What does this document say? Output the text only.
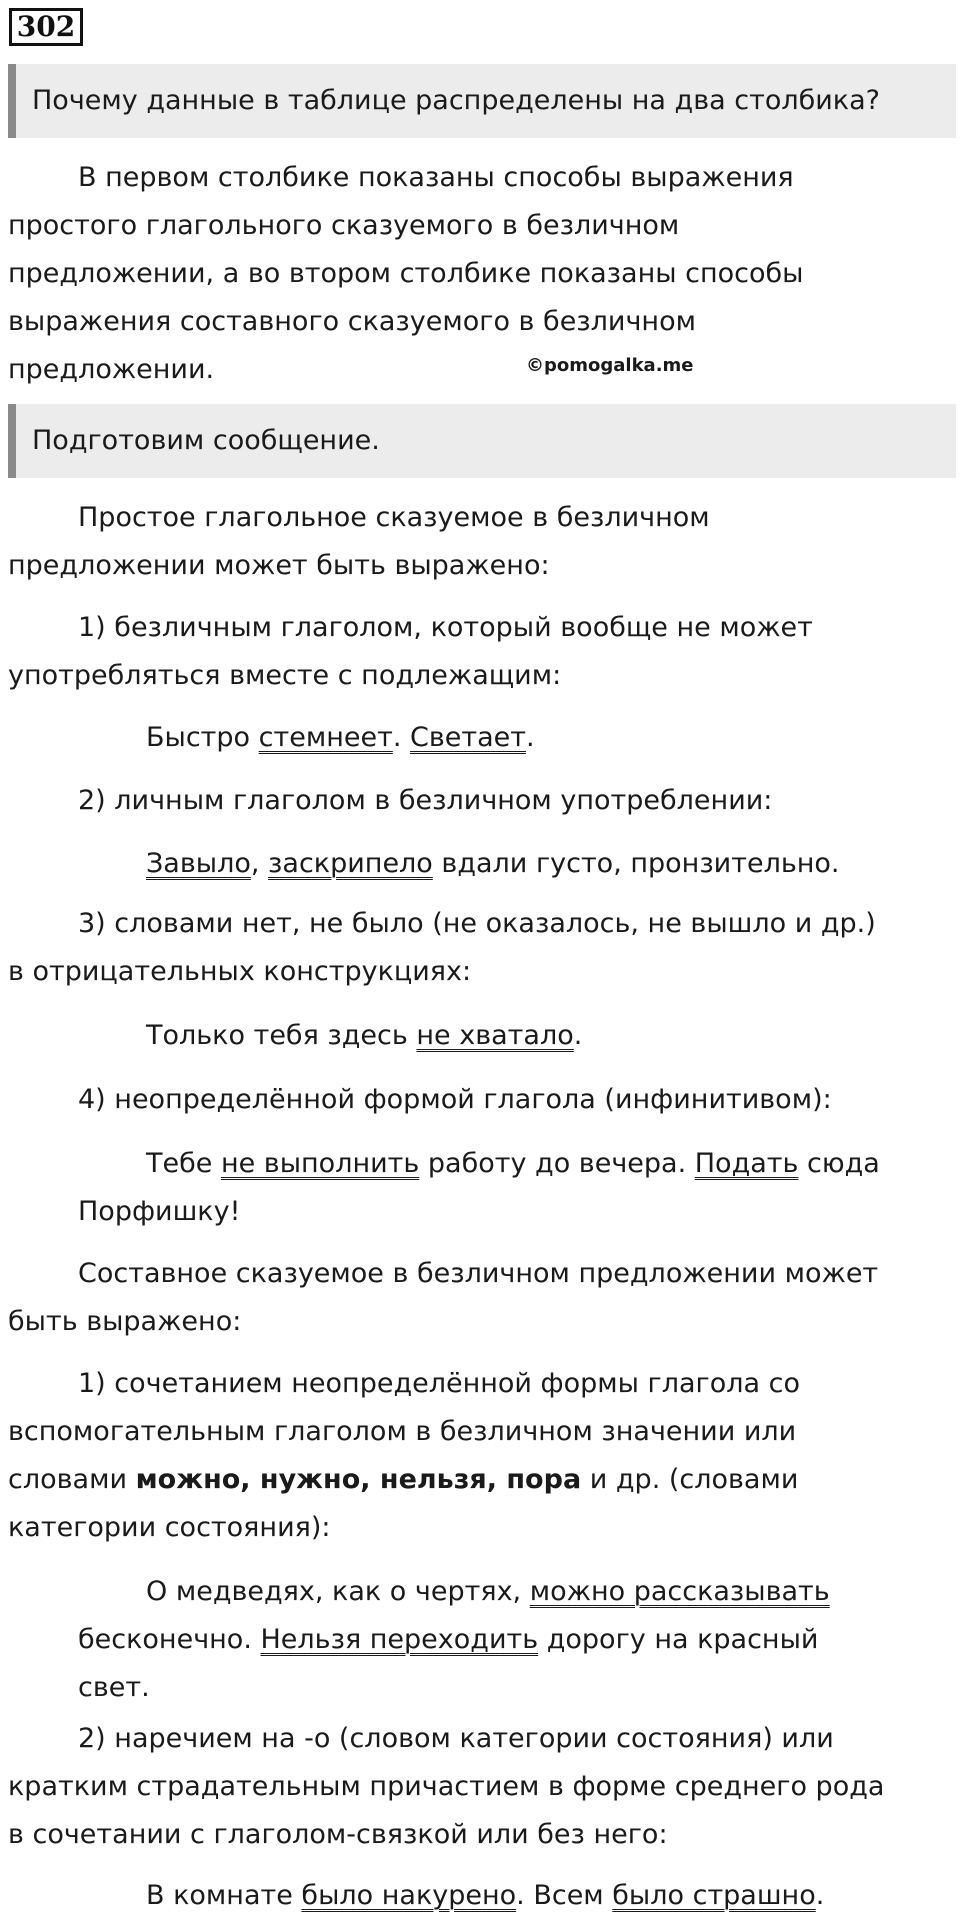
302
Почему данные в таблице распределены на два столбика?
В первом столбике показаны способы выражения
простого глагольного сказуемого в безличном
предложении, а во втором столбике показаны способы
выражения составного сказуемого в безличном
предложении.	©pomogalka.me
Подготовим сообщение.
Простое глагольное сказуемое в безличном
предложении может быть выражено:
1) безличным глаголом, который вообще не может
употребляться вместе с подлежащим:
Быстро стемнеет. Светает.
2) личным глаголом в безличном употреблении:
Завыло, заскрипело вдали густо, пронзительно.
3) словами нет, не было (не оказалось, не вышло и др.)
в отрицательных конструкциях:
Только тебя здесь не хватало.
4) неопределённой формой глагола (инфинитивом):
Тебе не выполнить работу до вечера. Подать сюда
Порфишку!
Составное сказуемое в безличном предложении может
быть выражено:
1) сочетанием неопределённой формы глагола со
вспомогательным глаголом в безличном значении или
словами можно, нужно, нельзя, пора и др. (словами
категории состояния):
О медведях, как о чертях, можно рассказывать
бесконечно. Нельзя переходить дорогу на красный
свет.
2) наречием на -о (словом категории состояния) или
кратким страдательным причастием в форме среднего рода
в сочетании с глаголом-связкой или без него:
В комнате было накурено. Всем было страшно.
